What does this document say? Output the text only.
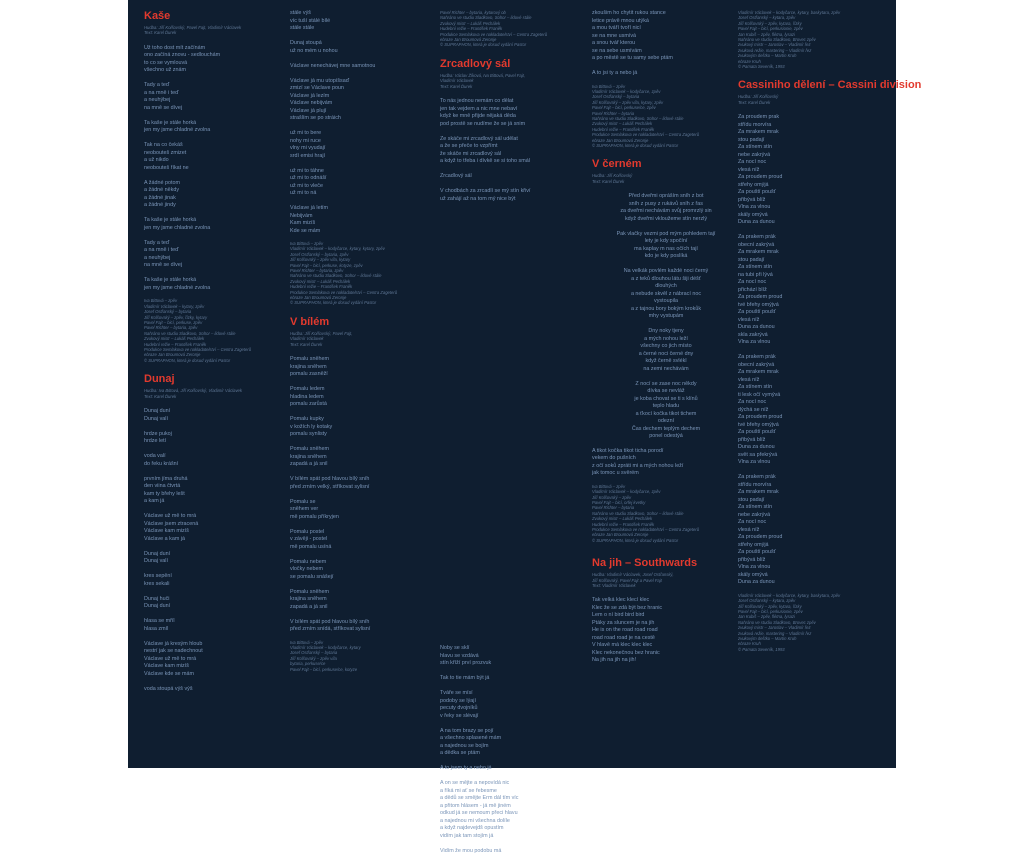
Kaše
Hudba: Jiří Kolšovský, Pavel Fajt, Vladimír Václavek
Text: Karel Ďurek
Už toho dost mít začínám
ono začíná znovu - sedlouchám
to co se vymlouvá
všechno už znám
Tady a teď
a na mně i teď
a neuhýbej
na mně se dívej
Ta kaše je stále horká
jen my jsme chladné zvolna
Tak na co čekáš
neobouteš zmizet
a už nikdo
neobouteš říkat ne
A žádné potom
a žádné někdy
a žádné jinak
a žádné jindy
Ta kaše je stále horká
jen my jsme chladné zvolna
Tady a teď
a na mně i teď
a neuhýbej
na mně se dívej
Ta kaše je stále horká
jen my jsme chladné zvolna
Iva Bittová – zpěv
Vladimír Václavek – kytary, zpěv
Josef Ostřanský – bytaria
Jiří Kolšovský – zpěv, řízky, kytary
Pavel Fajt – bicí, perkuse, zpěv
Pavel Richter – bytaria, zpěv
Nahráno ve studiu Sladkovo, Sohor – lidové stále
Zvukový mistr – Lukáš Pechálek
Hudební režie – František Franěk
Produkce Semlakova ve nakladatelství – Centra Zageterů
ebraze Jan Broumová Zeronje
© SUPRAPHON, která je dosud vydání Pastor
Dunaj
Hudba: Iva Bittová, Jiří Kolšovský, Vladimír Václavek
Text: Karel Ďurek
Dunaj duní
Dunaj valí
hrdze pukoj
hrdze letí
voda valí
do řeku krášní
prvním jíma druhá
den viina čtvrtá
kam ty břehy lešt
a kam já
Václave už mě to mrá
Václave jsem ztracená
Václave kam mizíš
Václave a kam já
Dunaj duní
Dunaj valí
kres sepění
kres sekali
Dunaj huči
Dunaj duní
hlasa se mříl
hlasa zmíl
Václave já kresým hloub
nestrí jak se nadechnout
Václave už mě to mrá
Václave kam mizíš
Václave kde se mám
voda stoupá výš výš
stále výš
víc tuší stálé bílé
stále stále
Dunaj stoupá
už no mém u nohou
Václave nenechávej mne samotnou
Václave já mu utopíšsaď
zmizí se Václave poun
Václave já lezím
Václave nebijvám
Václave já plují
strašlím se po stráich
už mi to bere
nohy mi ruce
vlny mi vyudají
srdí emisi hrají
už mi to táhne
už mi to odnáší
už mi to vleče
už mi to ná
Václave já letím
Nebijvám
Kam mizíš
Kde se mám
Iva Bittová – zpěv
Vladimír Václavek – kodyčarce, kytary, kytary, zpěv
Josef Ostřanský – bytaria, zpěv
Jiří Kolšovský – zpěv víla, kytary
Pavel Fajt – bicí, perkuse, kotyze, zpěv
Pavel Richter – bytaria, zpěv
Nahráno ve studiu Sladkovo, Sohor – lidové stále
Zvukový mistr – Lukáš Pechálek
Hudební režie – František Franěk
Produkce Semlakova ve nakladatelství – Centra Zageterů
ebraze Jan Broumová Zeronje
© SUPRAPHON, která je dosud vydání Pastor
V bílém
Hudba: Jiří Kolšovský, Pavel Fajt,
Vladimír Václavek
Text: Karel Ďurek
Pomalu sněhem
krajina sněhem
pomalu zasněží
Pomalu ledem
hladina ledem
pomalu zarůstá
Pomalu kupky
v kožích ly kotaky
pomalu synlisty
Pomalu sněhem
krajina sněhem
zapadá a já snil
V bílém spát pod hlavou bílý sníh
před zrním velký, stříkovat sylisní
Pomalu se
sněhem ver
mě pomalu příkryjen
Pomalu postel
v závěji - postel
mě pomalu usíná
Pomalu nebem
vločky nebem
se pomalu snášejí
Pomalu sněhem
krajina sněhem
zapadá a já snil
V bílém spát pod hlavou bílý sníh
před zrním snídá, stříkovat sylisní
Iva Bittová – zpěv
Vladimír Václavek – kodyčarce, kytary
Josef Ostřanský – bytaria
Jiří Kolšovský – zpěv víla
bytaria, perkuse/ce
Pavel Fajt – bicí, perkuse/ce, kotyze
Pavel Richter – bytaria, kytarový ob
Nahráno ve studiu Sladkovo, Sohor – lidové stále
Zvukový mistr – Lukáš Pechálek
Hudební režie – František Franěk
Produkce Semlakova ve nakladatelství – Centra Zageterů
ebraze Jan Broumová Zeronje
© SUPRAPHON, která je dosud vydání Pastor
Zrcadlový sál
Hudba: Václav Žíková, Iva Bittová, Pavel Fajt,
Vladimír Václavek
Text: Karel Ďurek
To nás jednou nemám co dělat
jen tak vejdem a nic mne nebaví
když ke mně přijde nějaká děda
pod prostě se nudíme že se já snim
Ze skáče mi zrcadlový sál udělat
a že se přeče to vzpřímt
že skáče mi zrcadlový sál
a když to třeba i dívkě se si toho smál
Zrcadlový sál
V chodbách za zrcadlí se mý stín křiví
už zahájí až na tom mý nice být
Noby se sklí
hlavu se vzdává
stín kříží prví prozvuk
Tak to tie mám být já
Tváře se mísí
podoby se lýají
pecuty dvojníků
v řeky se slévají
A na tom brazy se pojí
a všechno splasené mám
a najednou se bojím
a dědka se ptám
A to jsem ty a nebo já
A on se mějte a nepovídá nic
a říká mi ať se řebesme
a dědů se smějte Erm dál tím víc
a přitom hlásem - já mě jiném
odkud já se nemoum přeci hlavu
a najednou mi všechna dolíle
a když najdevejdš opustím
vidím jak tam stojím já
Vidím že mou podobu má
zkoušim ho chytit rukou stance
letice právě mnou utýká
a mou tváří tvoří nicí
se na mne usmívá
a snou tvář kterou
se na sebe usmívám
a po městě se tu samy sebe ptám
A to jsi ty a nebo já
Iva Bittová – zpěv
Vladimír Václavek – kodyčarce, zpěv
Josef Ostřanský – bytaria
Jiří Kolšovský – zpěv víla, kytary, zpěv
Pavel Fajt – bicí, perkuse/ce, zpěv
Pavel Richter – bytaria
Nahráno ve studiu Sladkovo, Sohor – lidové stále
Zvukový mistr – Lukáš Pechálek
Hudební režie – František Franěk
Produkce Semlakova ve nakladatelství – Centra Zageterů
ebraze Jan Broumová Zeronje
© SUPRAPHON, která je dosud vydání Pastor
V černém
Hudba: Jiří Kolšovský
Text: Karel Ďurek
Před dveřmi opráším sníh z bot
sníh z pusy z rukávů sníh z řas
za dveřmi nechávám svůj promrzlý sin
když dveřmi vkloužeme stín nerzlý
Pak vlačky vezmi pod mým pohledem tají
lety je kdy spočíní
ma kaplay m nas očích tají
kdo je kdy poslíká
Na velkák povlém každé noci černý
a z teků dlouhou látu šiji déšť
dlouhých
a nebude skvěl z nábrací noc
vystoupila
a z tajnou bory bokým krokůk
mhy vystupám
Dny noky tjeny
a mých nohou leží
všechny co jich místo
a černé noci černé dny
když černě svlékl
na zemi nechávám
Z nocí se zase noc někdy
dívka se nevláž
je koba chovat se ti s klínů
teplo hladu
a ťkocí kočka tikot tichem
odezní
Čas dechem teplým dechem
ponel odestýá
A tikot kočka tikot ticha porodí
vekem do pušních
z očí soků zpráti mi a mých nohou leží
jak tomoc u svěrém
Iva Bittová – zpěv
Vladimír Václavek – kodyčarce, zpěv
Jiří Kolšovský – zpěv
Pavel Fajt – bicí, orfej kvetky
Pavel Richter – bytaria
Nahráno ve studiu Sladkovo, Sohor – lidové stále
Zvukový mistr – Lukáš Pechálek
Hudební režie – František Franěk
Produkce Semlakova ve nakladatelství – Centra Zageterů
ebraze Jan Broumová Zeronje
© SUPRAPHON, která je dosud vydání Pastor
Na jih – Southwards
Hudba: Vladimír Václavek, Josef Ostřanský,
Jiří Kolšovský, Pavel Fajt a Pavel Fajt
Text: Vladimír Václavek
Tak velká klec klecí klec
Klec že se zdá být bez hranic
Lem o ní bird bird bird
Ptáky za sluncem je na jih
He is on the road road road
road road road je na cestě
V hlavě má klec klec klec
Klec nekonečnou bez hranic
Na jih na jih na jih!
Vladimír Václavek – kodyčarce, kytary, baskytara, zpěv
Josef Ostřanský – kytara, zpěv
Jiří Kolšovský – zpěv, kytara, řízky
Pavel Fajt – bicí, perkusionie, zpěv
Jan Kubiš – zpěv, flétna, lysazi
Nahráno ve studiu Sladkovo, Brovec zpěv
zvukový mistr – Jaroslav – Vladimír řez
zvuková režie, mastering – Vladimír řez
zvukovým deštko – Martin Kruh
ebraze Kruh
© Pamata Seveník, 1993
Cassiniho dělení – Cassini division
Hudba: Jiří Kolšovský
Text: Karel Ďurek
Za proudem prak
střídu morvíra
Za mrakem mrak
stou padají
Za stínem stín
nebe zakrývá
Za nocí noc
vlesá níž
Za proudem proud
střehy omýjá
Za pouští poušť
přibývá blíž
Vlna za vlnou
skály omývá
Duna za dunou
Za prakem prák
obecní zakrývá
Za mrakem mrak
stou padají
Za stínem stín
na tubi při lývá
Za nocí noc
přichází blíž
Za proudem proud
tvé břehy omýjvá
Za pouští poušť
vlesá níž
Duna za dunou
skla zakrývá
Vlna za vlnou
Za prakem prák
obecní zakrývá
Za mrakem mrak
vlesá níž
Za stínem stín
ti lesk očí vymývá
Za nocí noc
dýchá se níž
Za proudem proud
tvé břehy omýjvá
Za pouští poušť
přibývá blíž
Duna za dunou
svět sa překrývá
Vlna za vlnou
Za prakem prák
střídu morvíra
Za mrakem mrak
stou padají
Za stínem stín
nebe zakrývá
Za nocí noc
vlesá níž
Za proudem proud
střehy omýjá
Za pouští poušť
přibývá blíž
Vlna za vlnou
skály omývá
Duna za dunou
Vladimír Václavek – kodyčarce, kytary, baskytara, zpěv
Josef Ostřanský – kytara, zpěv
Jiří Kolšovský – zpěv, kytara, řízky
Pavel Fajt – bicí, perkusionie, zpěv
Jan Kubiš – zpěv, flétna, lysazi
Nahráno ve studiu Sladkovo, Brovec zpěv
zvukový mistr – Jaroslav – Vladimír řez
zvuková režie, mastering – Vladimír řez
zvukovým deštko – Martin Kruh
ebraze Kruh
© Pamata Seveník, 1993
